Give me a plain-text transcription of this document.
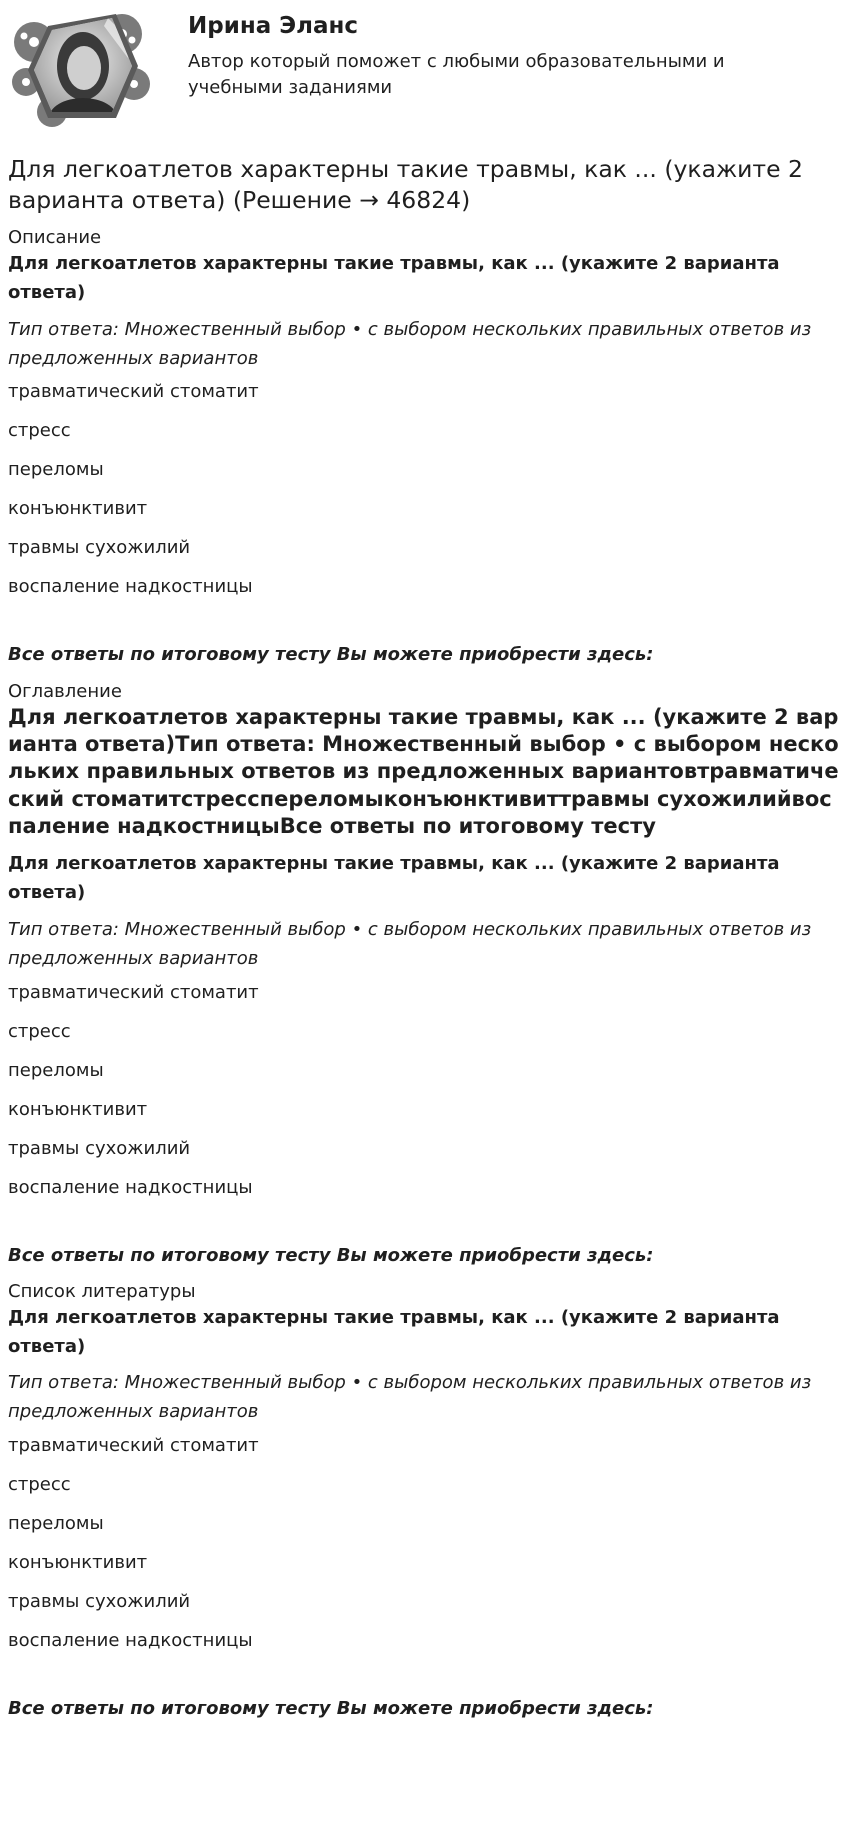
Ирина Эланс
Автор который поможет с любыми образовательными и учебными заданиями
Для легкоатлетов характерны такие травмы, как ... (укажите 2 варианта ответа) (Решение → 46824)
Описание
Для легкоатлетов характерны такие травмы, как ... (укажите 2 варианта ответа)
Тип ответа: Множественный выбор • с выбором нескольких правильных ответов из предложенных вариантов
травматический стоматит
стресс
переломы
конъюнктивит
травмы сухожилий
воспаление надкостницы
Все ответы по итоговому тесту Вы можете приобрести здесь:
Оглавление
Для легкоатлетов характерны такие травмы, как ... (укажите 2 варианта ответа)Тип ответа: Множественный выбор • с выбором нескольких правильных ответов из предложенных вариантовтравматический стоматитстресспереломыконъюнктивиттравмы сухожилийвоспаление надкостницыВсе ответы по итоговому тесту
Для легкоатлетов характерны такие травмы, как ... (укажите 2 варианта ответа)
Тип ответа: Множественный выбор • с выбором нескольких правильных ответов из предложенных вариантов
травматический стоматит
стресс
переломы
конъюнктивит
травмы сухожилий
воспаление надкостницы
Все ответы по итоговому тесту Вы можете приобрести здесь:
Список литературы
Для легкоатлетов характерны такие травмы, как ... (укажите 2 варианта ответа)
Тип ответа: Множественный выбор • с выбором нескольких правильных ответов из предложенных вариантов
травматический стоматит
стресс
переломы
конъюнктивит
травмы сухожилий
воспаление надкостницы
Все ответы по итоговому тесту Вы можете приобрести здесь:
